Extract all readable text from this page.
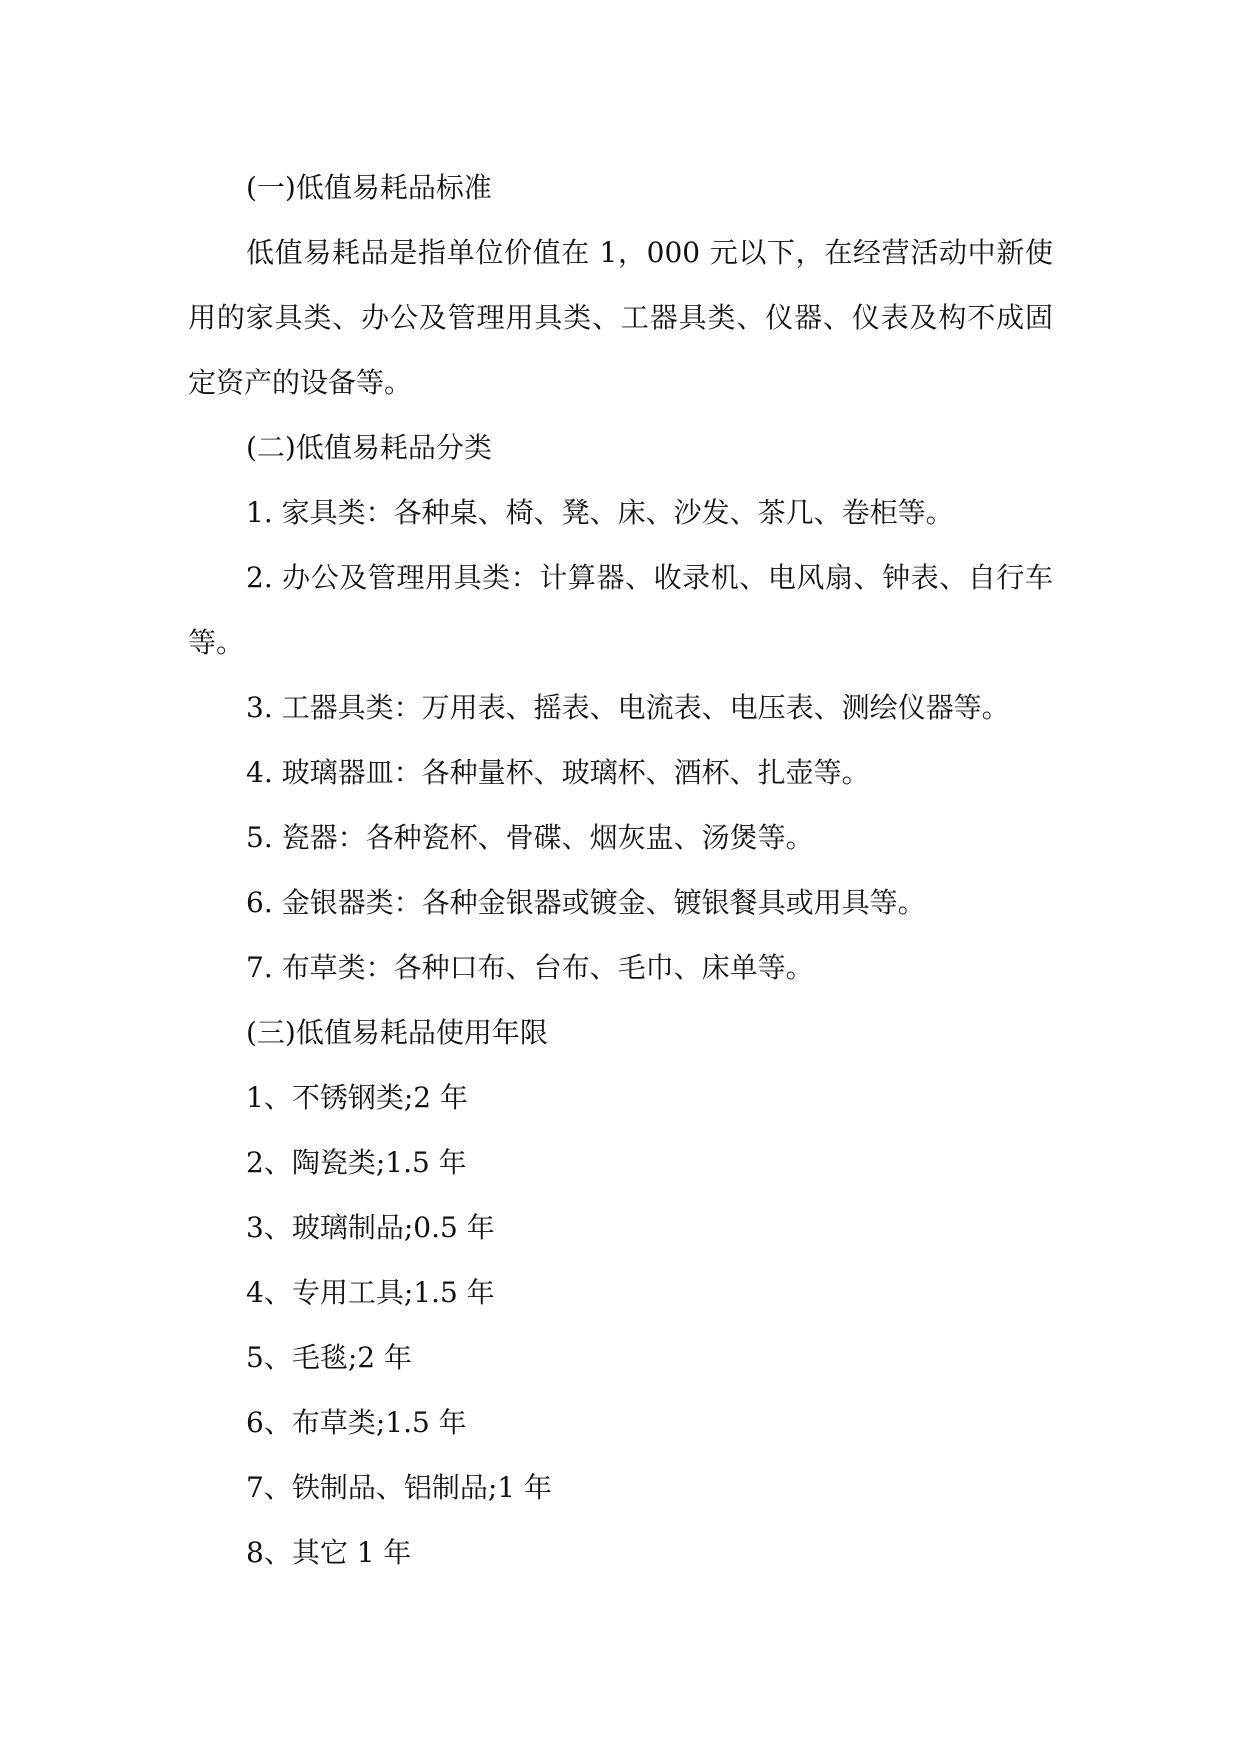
(一)低值易耗品标准

低值易耗品是指单位价值在 1，000 元以下，在经营活动中新使用的家具类、办公及管理用具类、工器具类、仪器、仪表及构不成固定资产的设备等。

(二)低值易耗品分类

1. 家具类：各种桌、椅、凳、床、沙发、茶几、卷柜等。

2. 办公及管理用具类：计算器、收录机、电风扇、钟表、自行车等。

3. 工器具类：万用表、摇表、电流表、电压表、测绘仪器等。

4. 玻璃器皿：各种量杯、玻璃杯、酒杯、扎壶等。

5. 瓷器：各种瓷杯、骨碟、烟灰盅、汤煲等。

6. 金银器类：各种金银器或镀金、镀银餐具或用具等。

7. 布草类：各种口布、台布、毛巾、床单等。

(三)低值易耗品使用年限

1、不锈钢类;2 年

2、陶瓷类;1.5 年

3、玻璃制品;0.5 年

4、专用工具;1.5 年

5、毛毯;2 年

6、布草类;1.5 年

7、铁制品、铝制品;1 年

8、其它 1 年
